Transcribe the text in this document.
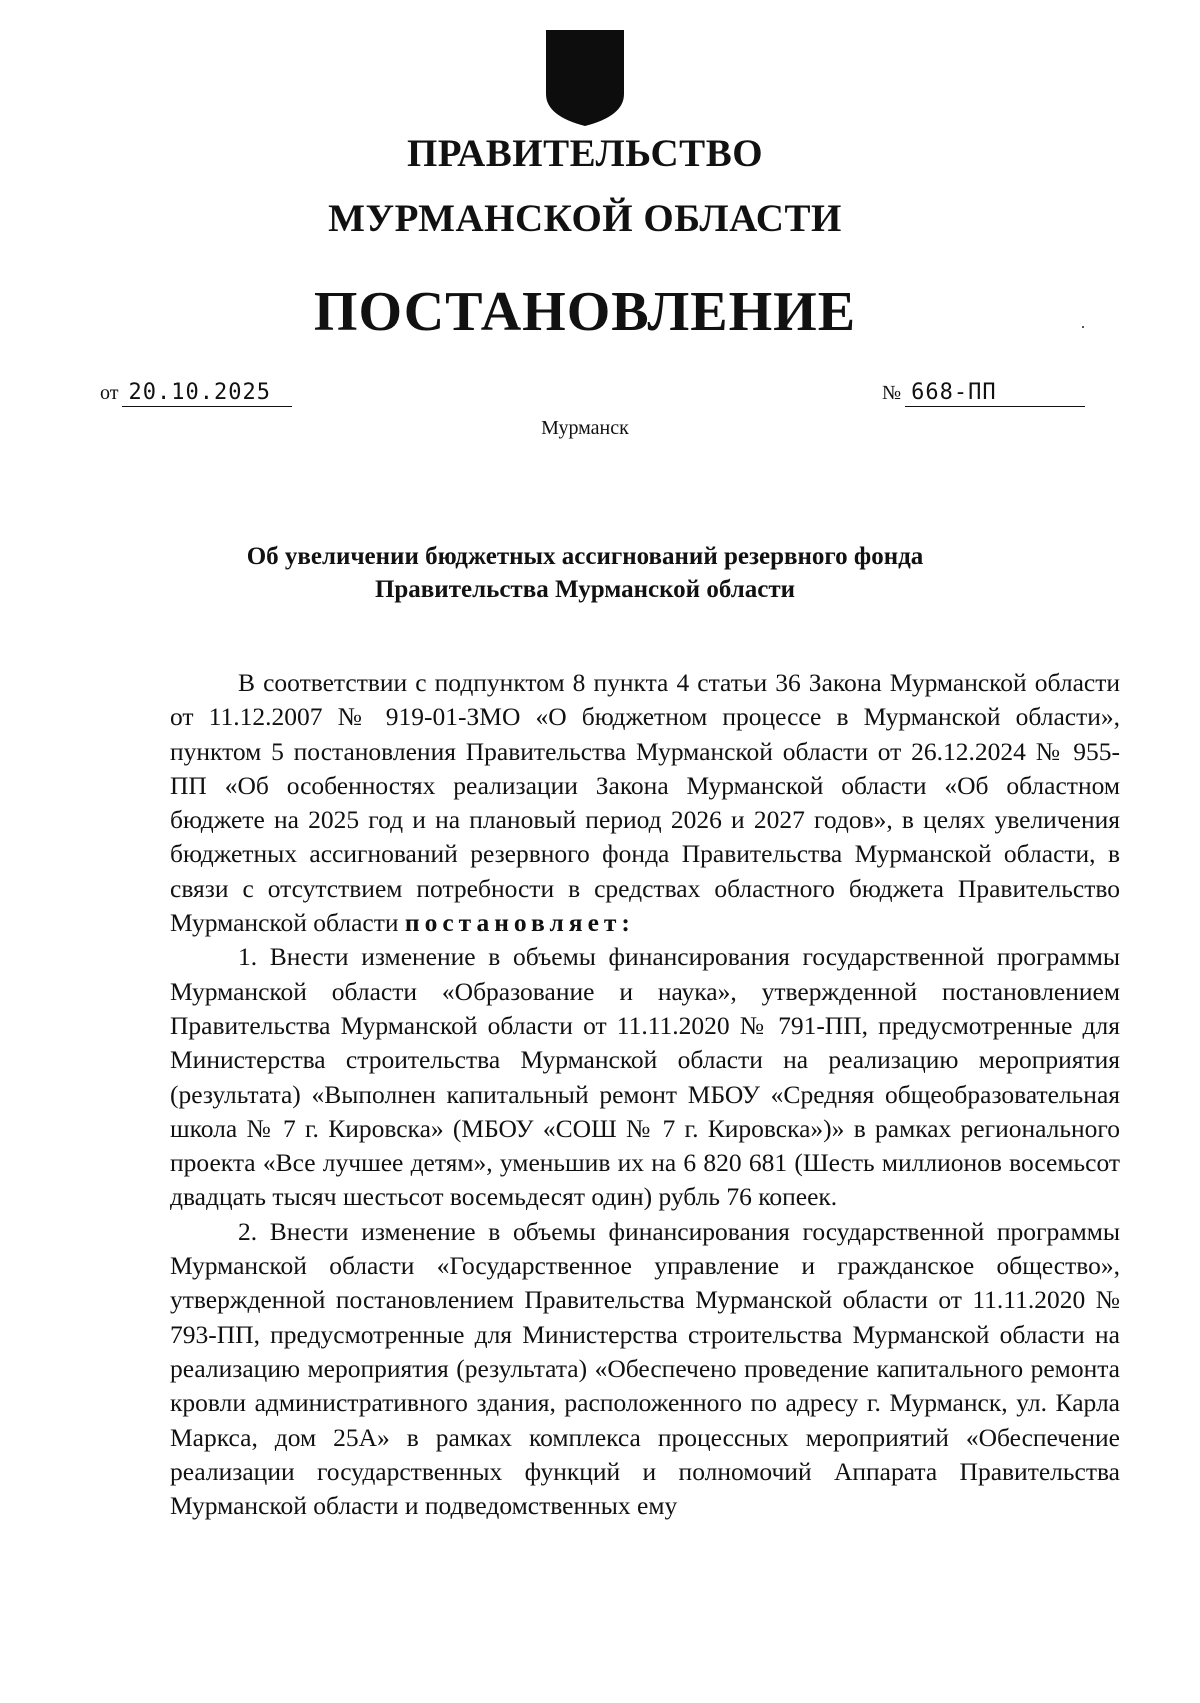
ПРАВИТЕЛЬСТВО
МУРМАНСКОЙ ОБЛАСТИ
ПОСТАНОВЛЕНИЕ
от 20.10.2025	№ 668-ПП
Мурманск
Об увеличении бюджетных ассигнований резервного фонда
Правительства Мурманской области

В соответствии с подпунктом 8 пункта 4 статьи 36 Закона Мурманской области от 11.12.2007 № 919-01-ЗМО «О бюджетном процессе в Мурманской области», пунктом 5 постановления Правительства Мурманской области от 26.12.2024 № 955-ПП «Об особенностях реализации Закона Мурманской области «Об областном бюджете на 2025 год и на плановый период 2026 и 2027 годов», в целях увеличения бюджетных ассигнований резервного фонда Правительства Мурманской области, в связи с отсутствием потребности в средствах областного бюджета Правительство Мурманской области постановляет:

1. Внести изменение в объемы финансирования государственной программы Мурманской области «Образование и наука», утвержденной постановлением Правительства Мурманской области от 11.11.2020 № 791-ПП, предусмотренные для Министерства строительства Мурманской области на реализацию мероприятия (результата) «Выполнен капитальный ремонт МБОУ «Средняя общеобразовательная школа № 7 г. Кировска» (МБОУ «СОШ № 7 г. Кировска»)» в рамках регионального проекта «Все лучшее детям», уменьшив их на 6 820 681 (Шесть миллионов восемьсот двадцать тысяч шестьсот восемьдесят один) рубль 76 копеек.

2. Внести изменение в объемы финансирования государственной программы Мурманской области «Государственное управление и гражданское общество», утвержденной постановлением Правительства Мурманской области от 11.11.2020 № 793-ПП, предусмотренные для Министерства строительства Мурманской области на реализацию мероприятия (результата) «Обеспечено проведение капитального ремонта кровли административного здания, расположенного по адресу г. Мурманск, ул. Карла Маркса, дом 25А» в рамках комплекса процессных мероприятий «Обеспечение реализации государственных функций и полномочий Аппарата Правительства Мурманской области и подведомственных ему
